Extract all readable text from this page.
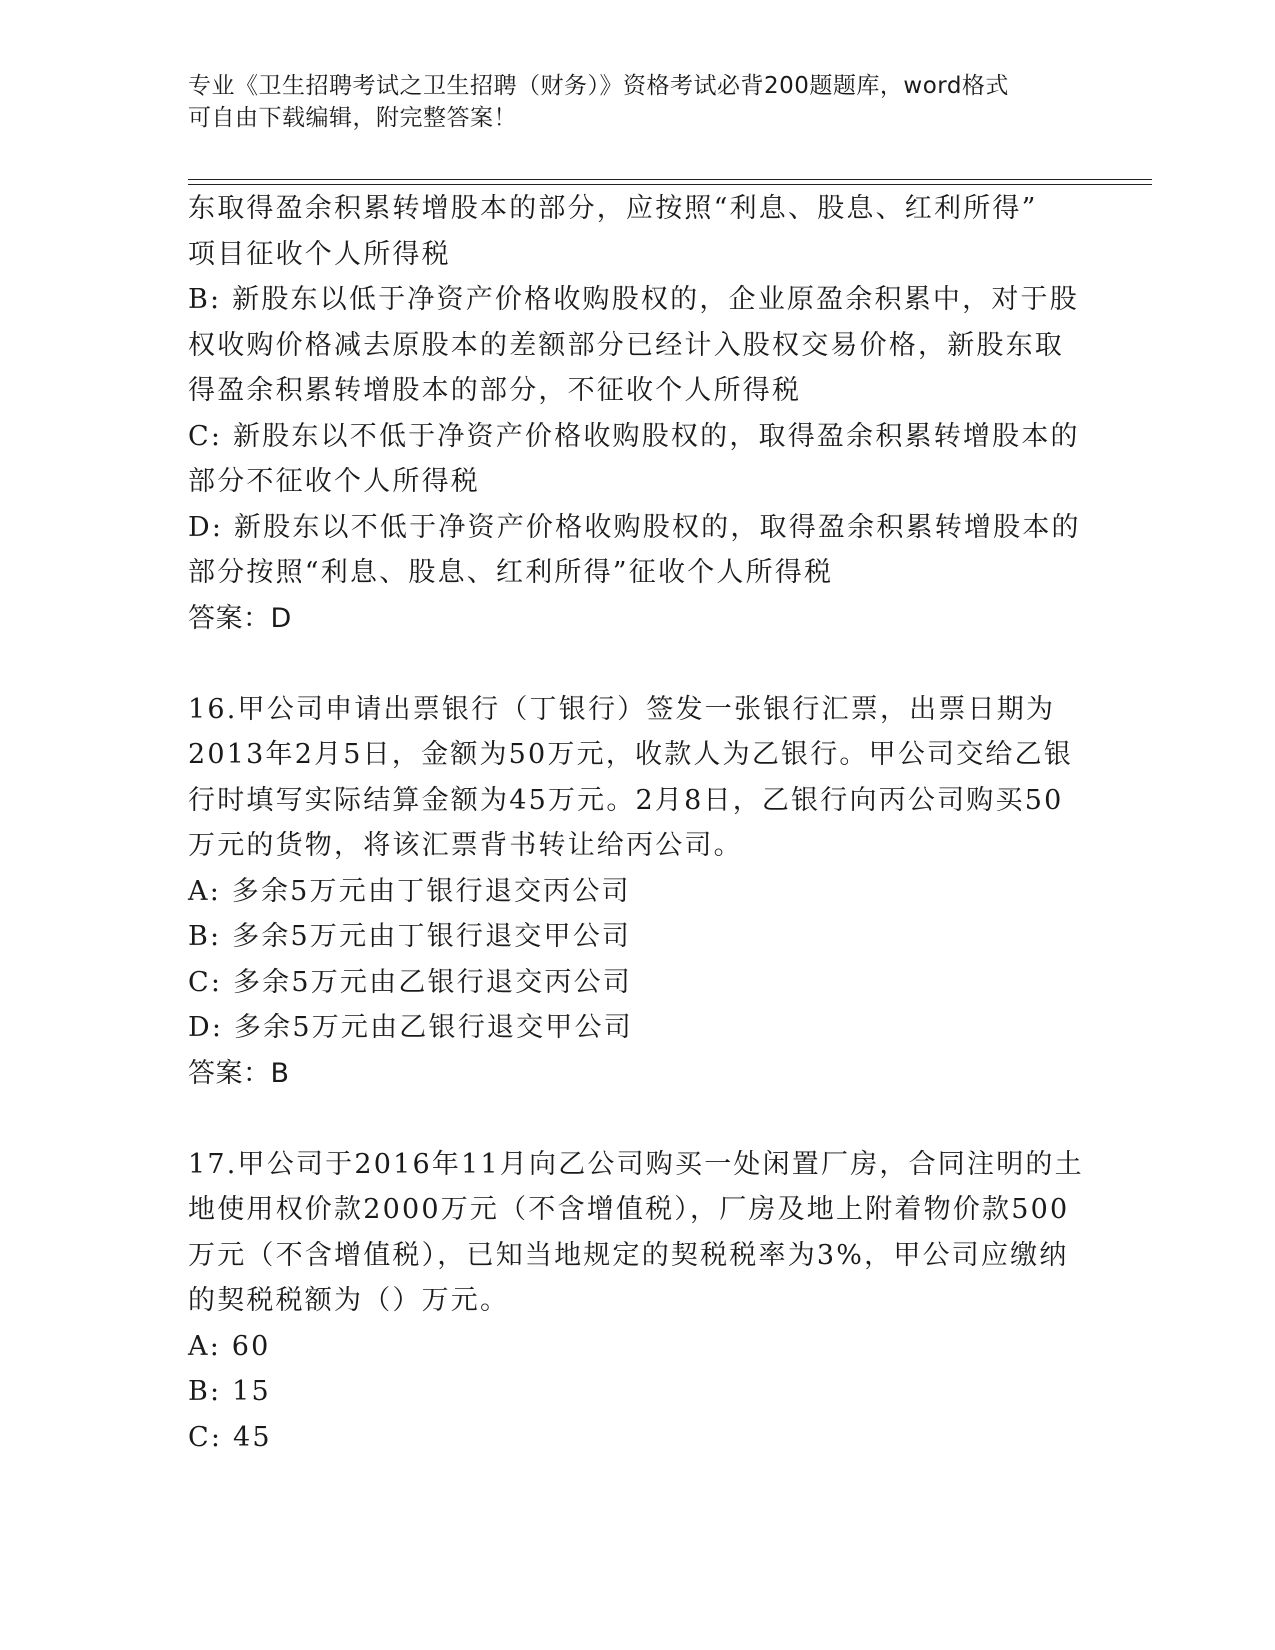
专业《卫生招聘考试之卫生招聘（财务）》资格考试必背200题题库，word格式
可自由下载编辑，附完整答案！
东取得盈余积累转增股本的部分，应按照“利息、股息、红利所得”
项目征收个人所得税
B: 新股东以低于净资产价格收购股权的，企业原盈余积累中，对于股
权收购价格减去原股本的差额部分已经计入股权交易价格，新股东取
得盈余积累转增股本的部分，不征收个人所得税
C: 新股东以不低于净资产价格收购股权的，取得盈余积累转增股本的
部分不征收个人所得税
D: 新股东以不低于净资产价格收购股权的，取得盈余积累转增股本的
部分按照“利息、股息、红利所得”征收个人所得税
答案：D
16.甲公司申请出票银行（丁银行）签发一张银行汇票，出票日期为
2013年2月5日，金额为50万元，收款人为乙银行。甲公司交给乙银
行时填写实际结算金额为45万元。2月8日，乙银行向丙公司购买50
万元的货物，将该汇票背书转让给丙公司。
A: 多余5万元由丁银行退交丙公司
B: 多余5万元由丁银行退交甲公司
C: 多余5万元由乙银行退交丙公司
D: 多余5万元由乙银行退交甲公司
答案：B
17.甲公司于2016年11月向乙公司购买一处闲置厂房，合同注明的土
地使用权价款2000万元（不含增值税），厂房及地上附着物价款500
万元（不含增值税），已知当地规定的契税税率为3%，甲公司应缴纳
的契税税额为（）万元。
A: 60
B: 15
C: 45
